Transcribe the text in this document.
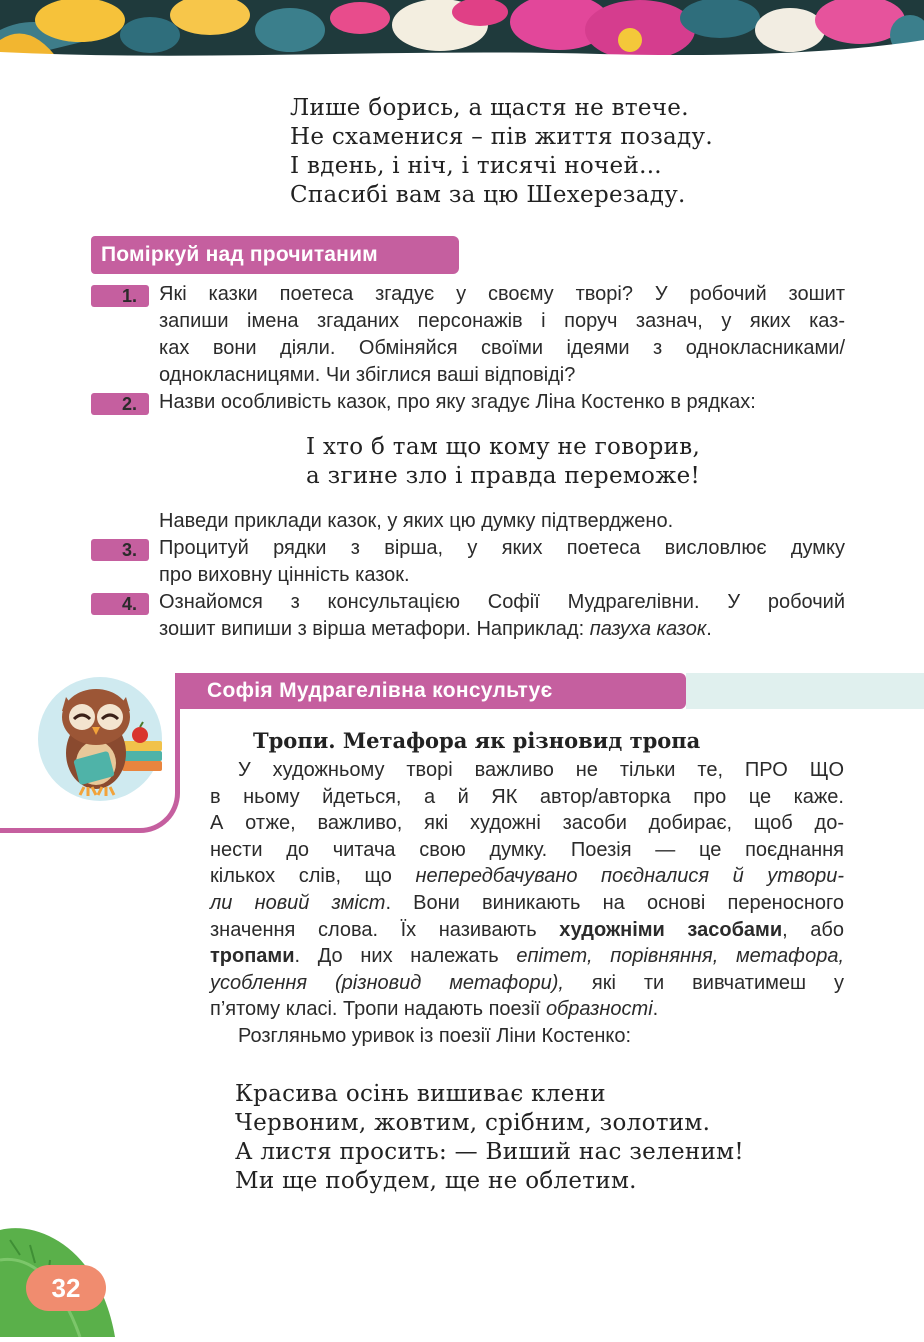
Лише борись, а щастя не втече.
Не схаменися – пів життя позаду.
І вдень, і ніч, і тисячі ночей...
Спасибі вам за цю Шехерезаду.
Поміркуй над прочитаним
1.	Які казки поетеса згадує у своєму творі? У робочий зошит
запиши імена згаданих персонажів і поруч зазнач, у яких каз-
ках вони діяли. Обміняйся своїми ідеями з однокласниками/
однокласницями. Чи збіглися ваші відповіді?
2.	Назви особливість казок, про яку згадує Ліна Костенко в рядках:
І хто б там що кому не говорив,
а згине зло і правда переможе!
Наведи приклади казок, у яких цю думку підтверджено.
3.	Процитуй рядки з вірша, у яких поетеса висловлює думку
про виховну цінність казок.
4.	Ознайомся з консультацією Софії Мудрагелівни. У робочий
зошит випиши з вірша метафори. Наприклад: пазуха казок.
Софія Мудрагелівна консультує
Тропи. Метафора як різновид тропа
У художньому творі важливо не тільки те, ПРО ЩО
в ньому йдеться, а й ЯК автор/авторка про це каже.
А отже, важливо, які художні засоби добирає, щоб до-
нести до читача свою думку. Поезія — це поєднання
кількох слів, що непередбачувано поєдналися й утвори-
ли новий зміст. Вони виникають на основі переносного
значення слова. Їх називають художніми засобами, або
тропами. До них належать епітет, порівняння, метафора,
усоблення (різновид метафори), які ти вивчатимеш у
п’ятому класі. Тропи надають поезії образності.
Розгляньмо уривок із поезії Ліни Костенко:
Красива осінь вишиває клени
Червоним, жовтим, срібним, золотим.
А листя просить: — Виший нас зеленим!
Ми ще побудем, ще не облетим.
32
